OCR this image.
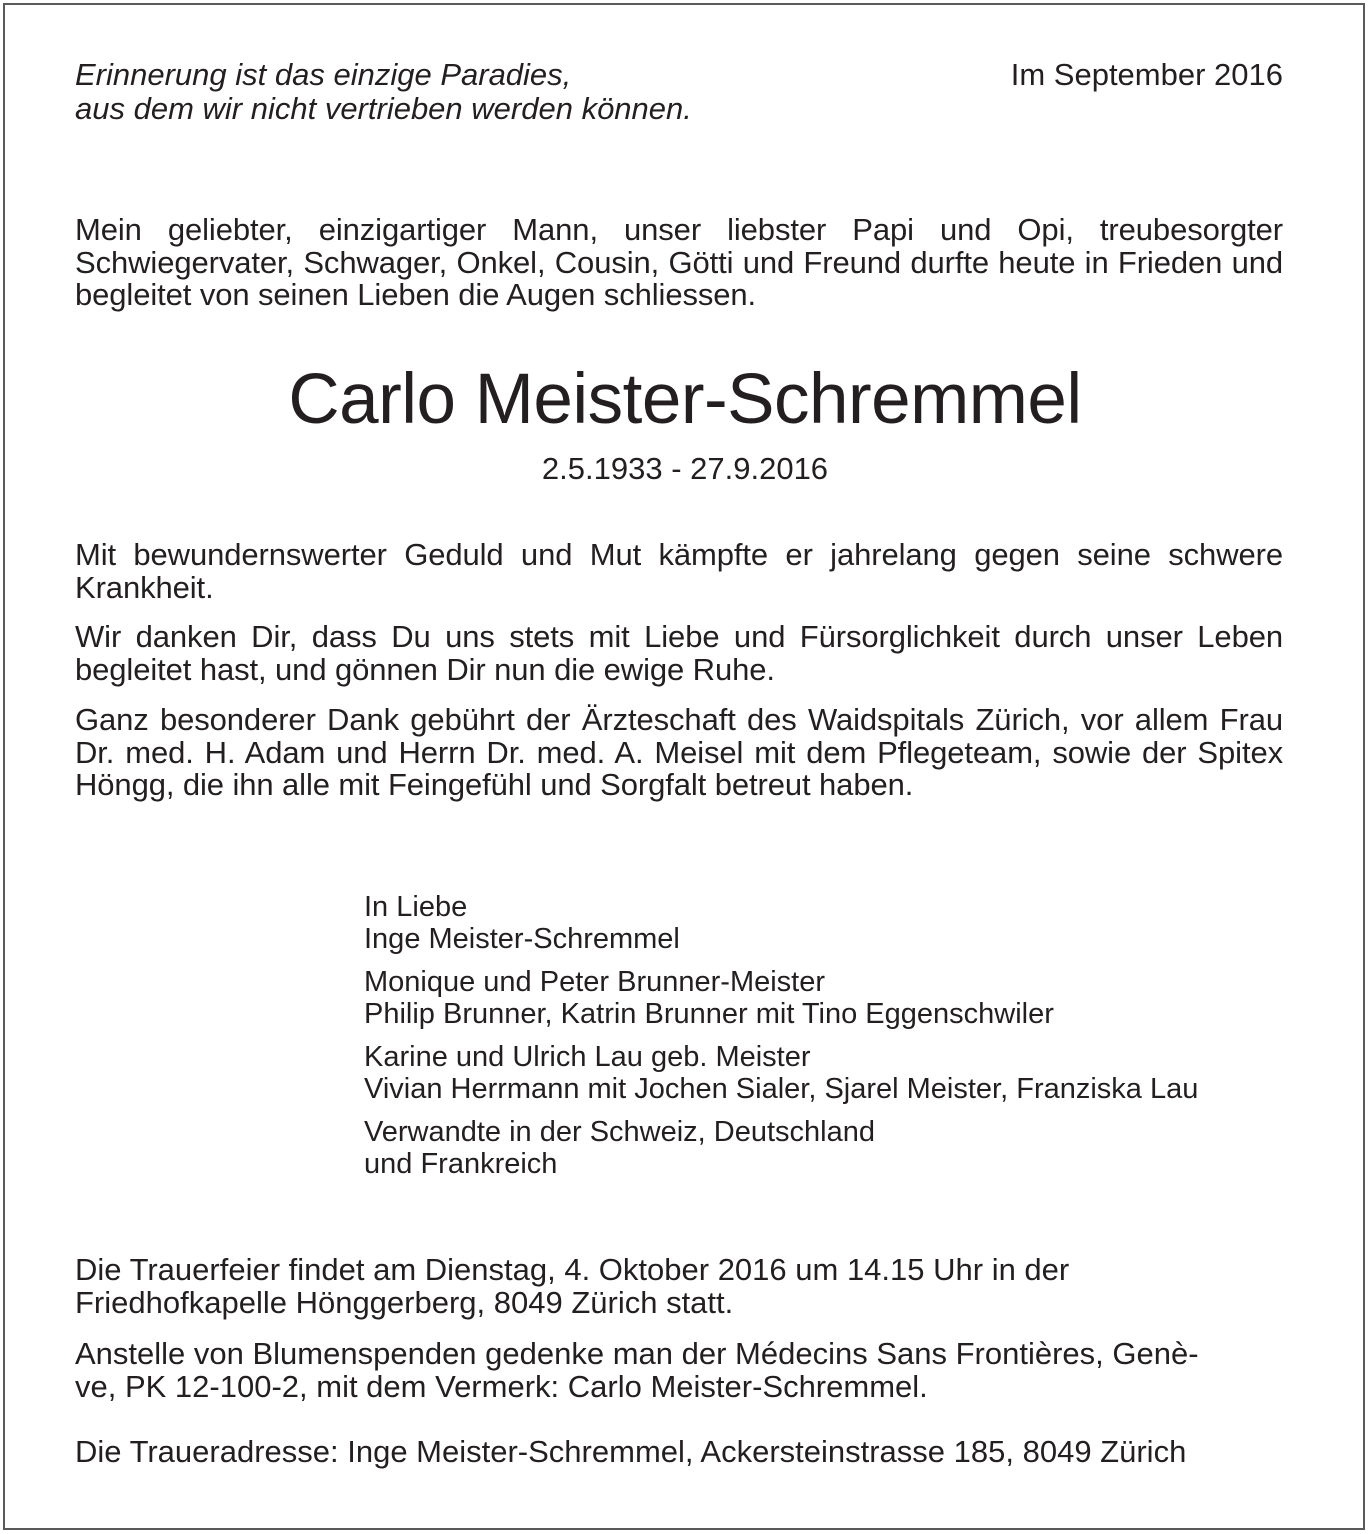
Erinnerung ist das einzige Paradies,
aus dem wir nicht vertrieben werden können.
Im September 2016
Mein geliebter, einzigartiger Mann, unser liebster Papi und Opi, treubesorgter Schwiegervater, Schwager, Onkel, Cousin, Götti und Freund durfte heute in Frieden und begleitet von seinen Lieben die Augen schliessen.
Carlo Meister-Schremmel
2.5.1933 - 27.9.2016
Mit bewundernswerter Geduld und Mut kämpfte er jahrelang gegen seine schwere Krankheit.
Wir danken Dir, dass Du uns stets mit Liebe und Fürsorglichkeit durch unser Leben begleitet hast, und gönnen Dir nun die ewige Ruhe.
Ganz besonderer Dank gebührt der Ärzteschaft des Waidspitals Zürich, vor allem Frau Dr. med. H. Adam und Herrn Dr. med. A. Meisel mit dem Pflegeteam, sowie der Spitex Höngg, die ihn alle mit Feingefühl und Sorgfalt betreut haben.
In Liebe
Inge Meister-Schremmel
Monique und Peter Brunner-Meister
Philip Brunner, Katrin Brunner mit Tino Eggenschwiler
Karine und Ulrich Lau geb. Meister
Vivian Herrmann mit Jochen Sialer, Sjarel Meister, Franziska Lau
Verwandte in der Schweiz, Deutschland
und Frankreich
Die Trauerfeier findet am Dienstag, 4. Oktober 2016 um 14.15 Uhr in der
Friedhofkapelle Hönggerberg, 8049 Zürich statt.
Anstelle von Blumenspenden gedenke man der Médecins Sans Frontières, Genè-
ve, PK 12-100-2, mit dem Vermerk: Carlo Meister-Schremmel.
Die Traueradresse: Inge Meister-Schremmel, Ackersteinstrasse 185, 8049 Zürich
